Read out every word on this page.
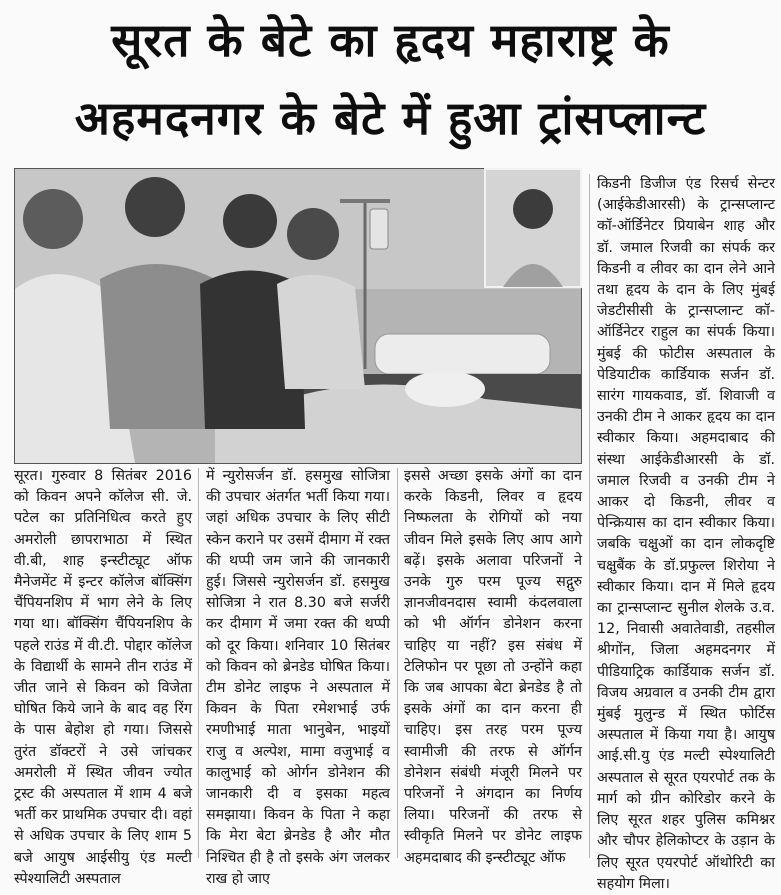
सूरत के बेटे का हृदय महाराष्ट्र के
अहमदनगर के बेटे में हुआ ट्रांसप्लान्ट
सूरत। गुरुवार 8 सितंबर 2016 को किवन अपने कॉलेज सी. जे. पटेल का प्रतिनिधित्व करते हुए अमरोली छापराभाठा में स्थित वी.बी, शाह इन्स्टीट्यूट ऑफ मैनेजमेंट में इन्टर कॉलेज बॉक्सिंग चैंपियनशिप में भाग लेने के लिए गया था। बॉक्सिंग चैंपियनशिप के पहले राउंड में वी.टी. पोद्दार कॉलेज के विद्यार्थी के सामने तीन राउंड में जीत जाने से किवन को विजेता घोषित किये जाने के बाद वह रिंग के पास बेहोश हो गया। जिससे तुरंत डॉक्टरों ने उसे जांचकर अमरोली में स्थित जीवन ज्योत ट्रस्ट की अस्पताल में शाम 4 बजे भर्ती कर प्राथमिक उपचार दी। वहां से अधिक उपचार के लिए शाम 5 बजे आयुष आईसीयु एंड मल्टी स्पेश्यालिटी अस्पताल
में न्युरोसर्जन डॉ. हसमुख सोजित्रा की उपचार अंतर्गत भर्ती किया गया। जहां अधिक उपचार के लिए सीटी स्केन कराने पर उसमें दीमाग में रक्त की थप्पी जम जाने की जानकारी हुई। जिससे न्युरोसर्जन डॉ. हसमुख सोजित्रा ने रात 8.30 बजे सर्जरी कर दीमाग में जमा रक्त की थप्पी को दूर किया। शनिवार 10 सितंबर को किवन को ब्रेनडेड घोषित किया। टीम डोनेट लाइफ ने अस्पताल में किवन के पिता रमेशभाई उर्फ रमणीभाई माता भानुबेन, भाइयों राजु व अल्पेश, मामा वजुभाई व कालुभाई को ओर्गन डोनेशन की जानकारी दी व इसका महत्व समझाया। किवन के पिता ने कहा कि मेरा बेटा ब्रेनडेड है और मौत निश्चित ही है तो इसके अंग जलकर राख हो जाए
इससे अच्छा इसके अंगों का दान करके किडनी, लिवर व हृदय निष्फलता के रोगियों को नया जीवन मिले इसके लिए आप आगे बढ़ें। इसके अलावा परिजनों ने उनके गुरु परम पूज्य सद्गुरु ज्ञानजीवनदास स्वामी कंदलवाला को भी ऑर्गन डोनेशन करना चाहिए या नहीं? इस संबंध में टेलिफोन पर पूछा तो उन्होंने कहा कि जब आपका बेटा ब्रेनडेड है तो इसके अंगों का दान करना ही चाहिए। इस तरह परम पूज्य स्वामीजी की तरफ से ऑर्गन डोनेशन संबंधी मंजूरी मिलने पर परिजनों ने अंगदान का निर्णय लिया। परिजनों की तरफ से स्वीकृति मिलने पर डोनेट लाइफ अहमदाबाद की इन्स्टीट्यूट ऑफ
किडनी डिजीज एंड रिसर्च सेन्टर (आईकेडीआरसी) के ट्रान्सप्लान्ट कॉ-ऑर्डिनेटर प्रियाबेन शाह और डॉ. जमाल रिजवी का संपर्क कर किडनी व लीवर का दान लेने आने तथा हृदय के दान के लिए मुंबई जेडटीसीसी के ट्रान्सप्लान्ट कॉ-ऑर्डिनेटर राहुल का संपर्क किया। मुंबई की फोटीस अस्पताल के पेडियाटीक कार्डियाक सर्जन डॉ. सारंग गायकवाड, डॉ. शिवाजी व उनकी टीम ने आकर हृदय का दान स्वीकार किया। अहमदाबाद की संस्था आईकेडीआरसी के डॉ. जमाल रिजवी व उनकी टीम ने आकर दो किडनी, लीवर व पेन्क्रियास का दान स्वीकार किया। जबकि चक्षुओं का दान लोकदृष्टि चक्षुबैंक के डॉ.प्रफुल्ल शिरोया ने स्वीकार किया। दान में मिले हृदय का ट्रान्सप्लान्ट सुनील शेलके उ.व. 12, निवासी अवातेवाडी, तहसील श्रीगोंन, जिला अहमदनगर में पीडियाट्रिक कार्डियाक सर्जन डॉ. विजय अग्रवाल व उनकी टीम द्वारा मुंबई मुलुन्ड में स्थित फोर्टिस अस्पताल में किया गया है। आयुष आई.सी.यु एंड मल्टी स्पेश्यालिटी अस्पताल से सूरत एयरपोर्ट तक के मार्ग को ग्रीन कोरिडोर करने के लिए सूरत शहर पुलिस कमिश्नर और चौपर हेलिकोप्टर के उड़ान के लिए सूरत एयरपोर्ट ऑथोरिटी का सहयोग मिला।
